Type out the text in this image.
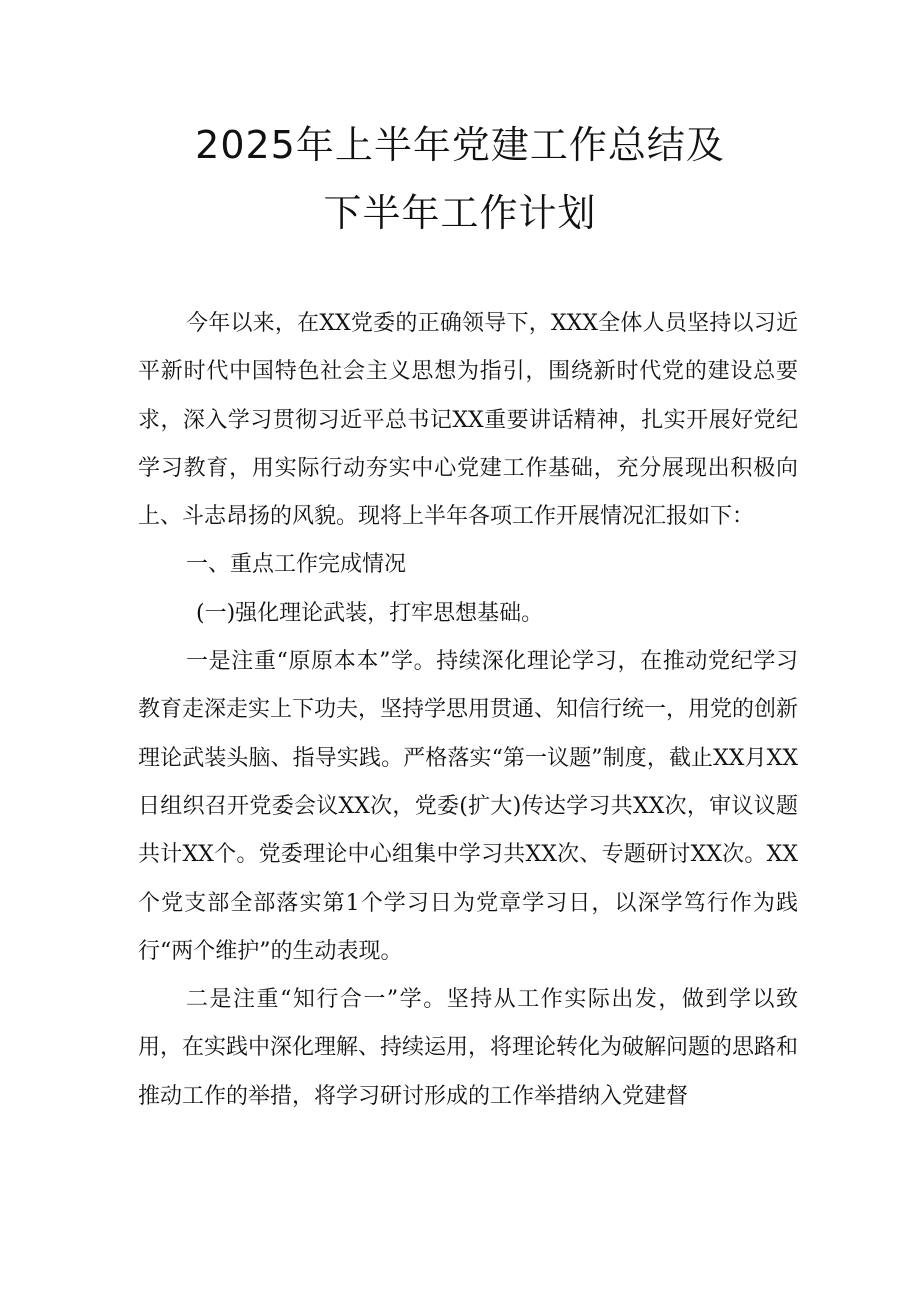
2025年上半年党建工作总结及
下半年工作计划

今年以来，在XX党委的正确领导下，XXX全体人员坚持以习近平新时代中国特色社会主义思想为指引，围绕新时代党的建设总要求，深入学习贯彻习近平总书记XX重要讲话精神，扎实开展好党纪学习教育，用实际行动夯实中心党建工作基础，充分展现出积极向上、斗志昂扬的风貌。现将上半年各项工作开展情况汇报如下：

一、重点工作完成情况

(一)强化理论武装，打牢思想基础。

一是注重“原原本本”学。持续深化理论学习，在推动党纪学习教育走深走实上下功夫，坚持学思用贯通、知信行统一，用党的创新理论武装头脑、指导实践。严格落实“第一议题”制度，截止XX月XX日组织召开党委会议XX次，党委(扩大)传达学习共XX次，审议议题共计XX个。党委理论中心组集中学习共XX次、专题研讨XX次。XX个党支部全部落实第1个学习日为党章学习日，以深学笃行作为践行“两个维护”的生动表现。

二是注重“知行合一”学。坚持从工作实际出发，做到学以致用，在实践中深化理解、持续运用，将理论转化为破解问题的思路和推动工作的举措，将学习研讨形成的工作举措纳入党建督
